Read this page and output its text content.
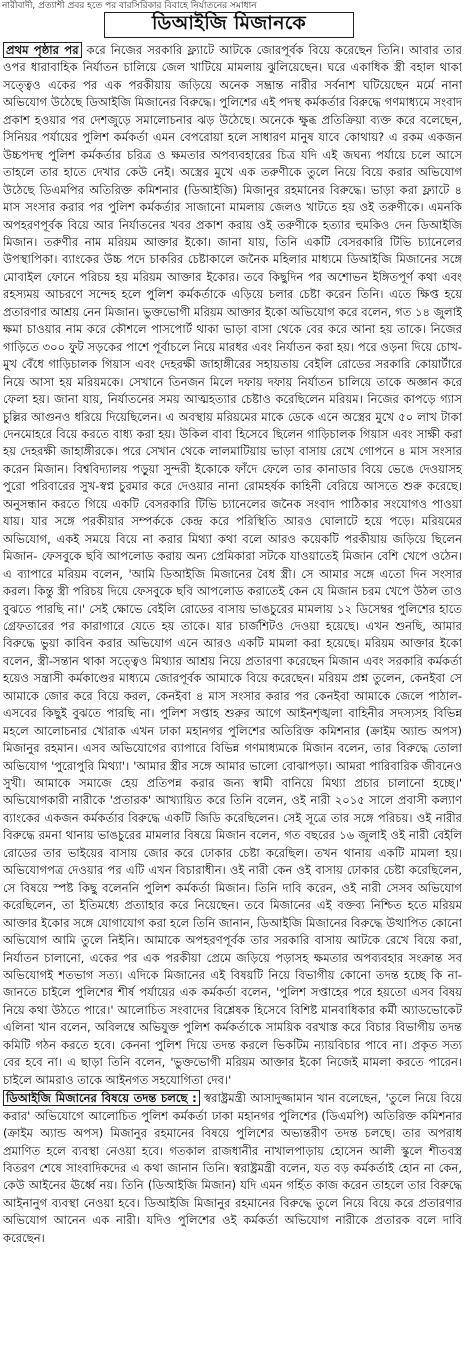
নারীবাদী, প্রত্যাশী প্রবর হতে পর বারসিরিকার বিবাহে নির্যাতনের সমাধান
ডিআইজি মিজানকে

প্রথম পৃষ্ঠার পর করে নিজের সরকারি ফ্ল্যাটে আটকে জোরপূর্বক বিয়ে করেছেন তিনি। আবার তার ওপর ধারাবাহিক নির্যাতন চালিয়ে জেল খাটিয়ে মামলায় ঝুলিয়েছেন। ঘরে একাধিক স্ত্রী বহাল থাকা সত্ত্বেও একের পর এক পরকীয়ায় জড়িয়ে অনেক সম্ভ্রান্ত নারীর সর্বনাশ ঘটিয়েছেন মর্মে নানা অভিযোগ উঠেছে ডিআইজি মিজানের বিরুদ্ধে। পুলিশের এই পদস্থ কর্মকর্তার বিরুদ্ধে গণমাধ্যমে সংবাদ প্রকাশ হওয়ার পর দেশজুড়ে সমালোচনার ঝড় উঠেছে। অনেকে ক্ষুব্ধ প্রতিক্রিয়া ব্যক্ত করে বলেছেন, সিনিয়র পর্যায়ের পুলিশ কর্মকর্তা এমন বেপরোয়া হলে সাধারণ মানুষ যাবে কোথায়? এ রকম একজন উচ্চপদস্থ পুলিশ কর্মকর্তার চরিত্র ও ক্ষমতার অপব্যবহারের চিত্র যদি এই জঘন্য পর্যায়ে চলে আসে তাহলে তার হাতে দেখার কেউ নেই। অস্ত্রের মুখে এক তরুণীকে তুলে নিয়ে বিয়ে করার অভিযোগ উঠেছে ডিএমপির অতিরিক্ত কমিশনার (ডিআইজি) মিজানুর রহমানের বিরুদ্ধে। ভাড়া করা ফ্ল্যাটে ৪ মাস সংসার করার পর পুলিশ কর্মকর্তার সাজানো মামলায় জেলও খাটতে হয় ওই তরুণীকে। এমনকি অপহরণপূর্বক বিয়ে আর নির্যাতনের খবর প্রকাশ করায় ওই তরুণীকে হত্যার হুমকিও দেন ডিআইজি মিজান। তরুণীর নাম মরিয়ম আক্তার ইকো। জানা যায়, তিনি একটি বেসরকারি টিভি চ্যানেলের উপস্থাপিকা। ব্যাংকের উচ্চ পদে চাকরির চেষ্টাকালে জনৈক মহিলার মাধ্যমে ডিআইজি মিজানের সঙ্গে মোবাইল ফোনে পরিচয় হয় মরিয়ম আক্তার ইকোর। তবে কিছুদিন পর অশোভন ইঙ্গিতপূর্ণ কথা এবং রহস্যময় আচরণে সন্দেহ হলে পুলিশ কর্মকর্তাকে এড়িয়ে চলার চেষ্টা করেন তিনি। এতে ক্ষিপ্ত হয়ে প্রতারণার আশ্রয় নেন মিজান। ভুক্তভোগী মরিয়ম আক্তার ইকো অভিযোগ করে বলেন, গত ১৪ জুলাই ক্ষমা চাওয়ার নাম করে কৌশলে পাসপোর্ট থাকা ভাড়া বাসা থেকে বের করে আনা হয় তাকে। নিজের গাড়িতে ৩০০ ফুট সড়কের পাশে পূর্বাচলে নিয়ে মারধর এবং নির্যাতন করা হয়। পরে ওড়না দিয়ে চোখ-মুখ বেঁধে গাড়িচালক গিয়াস এবং দেহরক্ষী জাহাঙ্গীরের সহায়তায় বেইলি রোডের সরকারি কোয়ার্টারে নিয়ে আসা হয় মরিয়মকে। সেখানে তিনজন মিলে দফায় দফায় নির্যাতন চালিয়ে তাকে অজ্ঞান করে ফেলা হয়। জানা যায়, নির্যাতনের সময় আত্মহত্যার চেষ্টাও করেছিলেন মরিয়ম। নিজের কাপড়ে গ্যাস চুল্লির আগুনও ধরিয়ে দিয়েছিলেন। এ অবস্থায় মরিয়মের মাকে ডেকে এনে অস্ত্রের মুখে ৫০ লাখ টাকা দেনমোহরে বিয়ে করতে বাধ্য করা হয়। উকিল বাবা হিসেবে ছিলেন গাড়িচালক গিয়াস এবং সাক্ষী করা হয় দেহরক্ষী জাহাঙ্গীরকে। পরে সেখান থেকে লালমাটিয়ায় ভাড়া বাসায় রেখে গোপনে ৪ মাস সংসার করেন মিজান। বিশ্ববিদ্যালয় পড়ুয়া সুন্দরী ইকোকে ফাঁদে ফেলে তার কানাডার বিয়ে ভেঙে দেওয়াসহ পুরো পরিবারের সুখ-স্বপ্ন চুরমার করে দেওয়ার নানা রোমহর্ষক কাহিনী বেরিয়ে আসতে শুরু করেছে। অনুসন্ধান করতে গিয়ে একটি বেসরকারি টিভি চ্যানেলের জনৈক সংবাদ পাঠিকার সংযোগও পাওয়া যায়। যার সঙ্গে পরকীয়ার সম্পর্ককে কেন্দ্র করে পরিস্থিতি আরও ঘোলাটে হয়ে পড়ে। মরিয়মের অভিযোগ, একই সময়ে বিয়ে না করার মিথ্যা কথা বলে আরও কয়েকটি পরকীয়ায় জড়িয়ে ছিলেন মিজান- ফেসবুকে ছবি আপলোড করায় অন্য প্রেমিকারা সটকে যাওয়াতেই মিজান বেশি খেপে ওঠেন। এ ব্যাপারে মরিয়ম বলেন, 'আমি ডিআইজি মিজানের বৈধ স্ত্রী। সে আমার সঙ্গে এতো দিন সংসার করল। কিন্তু স্ত্রী পরিচয় দিয়ে ফেসবুকে ছবি আপলোড করাতেই কেন যে মিজান চরম খেপে উঠল তাও বুঝতে পারছি না।' সেই ক্ষোভে বেইলি রোডের বাসায় ভাঙচুরের মামলায় ১২ ডিসেম্বর পুলিশের হাতে গ্রেফতারের পর কারাগারে যেতে হয় তাকে। যার চার্জশিটও দেওয়া হয়েছে। এখন শুনছি, আমার বিরুদ্ধে ভুয়া কাবিন করার অভিযোগ এনে আরও একটি মামলা করা হয়েছে। মরিয়ম আক্তার ইকো বলেন, স্ত্রী-সন্তান থাকা সত্ত্বেও মিথ্যার আশ্রয় নিয়ে প্রতারণা করেছেন মিজান এবং সরকারি কর্মকর্তা হয়েও সন্ত্রাসী কর্মকাণ্ডের মাধ্যমে জোরপূর্বক আমাকে বিয়ে করেছেন। মরিয়ম প্রশ্ন তুলেন, কেনইবা সে আমাকে জোর করে বিয়ে করল, কেনইবা ৪ মাস সংসার করার পর কেনইবা আমাকে জেলে পাঠাল-এসবের কিছুই বুঝতে পারছি না। পুলিশ সপ্তাহ শুরুর আগে আইনশৃঙ্খলা বাহিনীর সদস্যসহ বিভিন্ন মহলে আলোচনার খোরাক এখন ঢাকা মহানগর পুলিশের অতিরিক্ত কমিশনার (ক্রাইম অ্যান্ড অপস) মিজানুর রহমান। এসব অভিযোগের ব্যাপারে বিভিন্ন গণমাধ্যমকে মিজান বলেন, তার বিরুদ্ধে তোলা অভিযোগ 'পুরোপুরি মিথ্যা'। 'আমার স্ত্রীর সঙ্গে আমার ভালো বোঝাপড়া। আমরা পারিবারিক জীবনেও সুখী। আমাকে সমাজে হেয় প্রতিপন্ন করার জন্য স্বামী বানিয়ে মিথ্যা প্রচার চালানো হচ্ছে।' অভিযোগকারী নারীকে 'প্রতারক' আখ্যায়িত করে তিনি বলেন, ওই নারী ২০১৫ সালে প্রবাসী কল্যাণ ব্যাংকের একজন কর্মকর্তার বিরুদ্ধে একটি জিডি করেছিলেন। সেই সূত্রে তার সঙ্গে পরিচয়। ওই নারীর বিরুদ্ধে রমনা থানায় ভাঙচুরের মামলার বিষয়ে মিজান বলেন, গত বছরের ১৬ জুলাই ওই নারী বেইলি রোডের তার ভাইয়ের বাসায় জোর করে ঢোকার চেষ্টা করেছিল। তখন থানায় একটি মামলা হয়। অভিযোগপত্র দেওয়ার পর এটি এখন বিচারাধীন। ওই নারী কেন ওই বাসায় ঢোকার চেষ্টা করেছিলেন, সে বিষয়ে স্পষ্ট কিছু বলেননি পুলিশ কর্মকর্তা মিজান। তিনি দাবি করেন, ওই নারী সেসব অভিযোগ করেছিলেন, তা ইতিমধ্যে প্রত্যাহার করে নিয়েছেন। তবে মিজানের এই বক্তব্য নিশ্চিত হতে মরিয়ম আক্তার ইকোর সঙ্গে যোগাযোগ করা হলে তিনি জানান, ডিআইজি মিজানের বিরুদ্ধে উত্থাপিত কোনো অভিযোগ আমি তুলে নিইনি। আমাকে অপহরণপূর্বক তার সরকারি বাসায় আটকে রেখে বিয়ে করা, নির্যাতন চালানো, একের পর এক পরকীয়া প্রেমে জড়িয়ে পড়াসহ ক্ষমতার অপব্যবহার সংক্রান্ত সব অভিযোগই শতভাগ সত্য। এদিকে মিজানের এই বিষয়টি নিয়ে বিভাগীয় কোনো তদন্ত হচ্ছে কি না- জানতে চাইলে পুলিশের শীর্ষ পর্যায়ের এক কর্মকর্তা বলেন, 'পুলিশ সপ্তাহের পরে হয়তো এসব বিষয় নিয়ে কথা উঠতে পারে।' আলোচিত সংবাদের বিশ্লেষক হিসেবে বিশিষ্ট মানবাধিকার কর্মী অ্যাডভোকেট এলিনা খান বলেন, অবিলম্বে অভিযুক্ত পুলিশ কর্মকর্তাকে সাময়িক বরখাস্ত করে বিচার বিভাগীয় তদন্ত কমিটি গঠন করতে হবে। কেননা পুলিশ দিয়ে তদন্ত করলে ভিকটিম ন্যায়বিচার পাবে না। প্রকৃত সত্য বের হবে না। এ ছাড়া তিনি বলেন, 'ভুক্তভোগী মরিয়ম আক্তার ইকো নিজেই মামলা করতে পারেন। চাইলে আমরাও তাকে আইনগত সহযোগিতা দেব।'

ডিআইজি মিজানের বিষয়ে তদন্ত চলছে : স্বরাষ্ট্রমন্ত্রী আসাদুজ্জামান খান বলেছেন, 'তুলে নিয়ে বিয়ে করার' অভিযোগে আলোচিত পুলিশ কর্মকর্তা ঢাকা মহানগর পুলিশের (ডিএমপি) অতিরিক্ত কমিশনার (ক্রাইম অ্যান্ড অপস) মিজানুর রহমানের বিষয়ে পুলিশের অভ্যন্তরীণ তদন্ত চলছে। তার অপরাধ প্রমাণিত হলে ব্যবস্থা নেওয়া হবে। গতকাল রাজধানীর নাখালপাড়ায় হোসেন আলী স্কুলে শীতবস্ত্র বিতরণ শেষে সাংবাদিকদের এ কথা জানান তিনি। স্বরাষ্ট্রমন্ত্রী বলেন, যত বড় কর্মকর্তাই হোন না কেন, কেউ আইনের ঊর্ধ্বে নয়। তিনি (ডিআইজি মিজান) যদি এমন গর্হিত কাজ করেন তাহলে তার বিরুদ্ধে আইনানুগ ব্যবস্থা নেওয়া হবে। ডিআইজি মিজানুর রহমানের বিরুদ্ধে তুলে নিয়ে বিয়ে করে প্রতারণার অভিযোগ আনেন এক নারী। যদিও পুলিশের ওই কর্মকর্তা অভিযোগ নারীকে প্রতারক বলে দাবি করেছেন।
